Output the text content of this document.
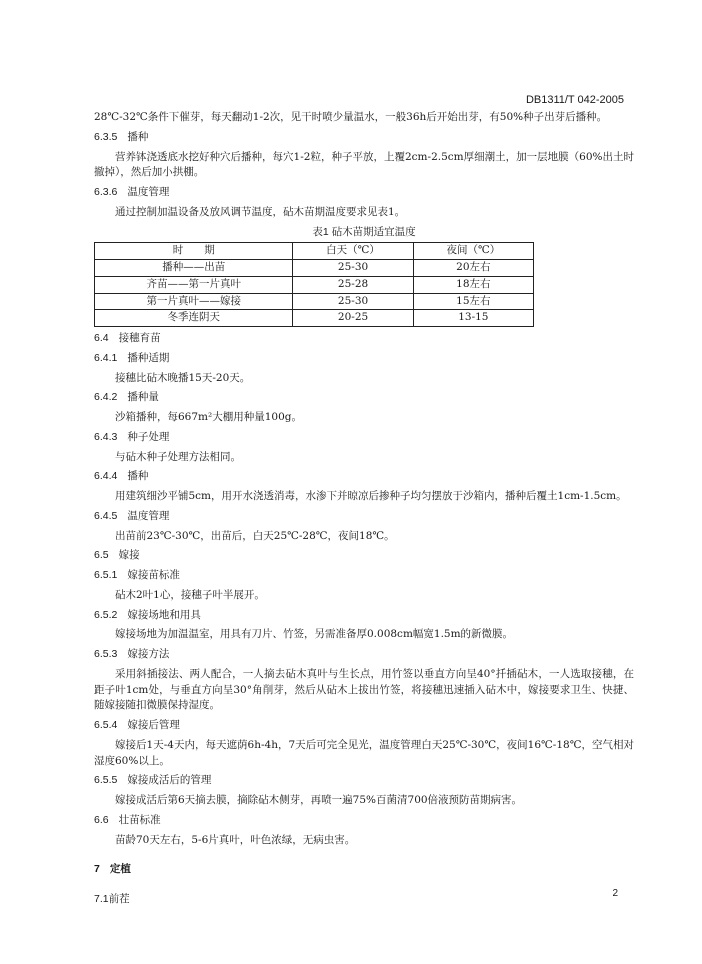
DB1311/T 042-2005

28℃-32℃条件下催芽，每天翻动1-2次，见干时喷少量温水，一般36h后开始出芽，有50%种子出芽后播种。

6.3.5 播种

营养钵浇透底水挖好种穴后播种，每穴1-2粒，种子平放，上覆2cm-2.5cm厚细潮土，加一层地膜（60%出土时撤掉），然后加小拱棚。

6.3.6 温度管理

通过控制加温设备及放风调节温度，砧木苗期温度要求见表1。

表1 砧木苗期适宜温度
时　　期	白天（℃）	夜间（℃）
播种——出苗	25-30	20左右
齐苗——第一片真叶	25-28	18左右
第一片真叶——嫁接	25-30	15左右
冬季连阴天	20-25	13-15
6.4 接穗育苗
6.4.1 播种适期

接穗比砧木晚播15天-20天。

6.4.2 播种量

沙箱播种，每667m²大棚用种量100g。

6.4.3 种子处理

与砧木种子处理方法相同。

6.4.4 播种

用建筑细沙平铺5cm，用开水浇透消毒，水渗下并晾凉后掺种子均匀摆放于沙箱内，播种后覆土1cm-1.5cm。

6.4.5 温度管理

出苗前23℃-30℃，出苗后，白天25℃-28℃，夜间18℃。

6.5 嫁接
6.5.1 嫁接苗标准

砧木2叶1心，接穗子叶半展开。

6.5.2 嫁接场地和用具

嫁接场地为加温温室，用具有刀片、竹签，另需准备厚0.008cm幅宽1.5m的新微膜。

6.5.3 嫁接方法

采用斜插接法、两人配合，一人摘去砧木真叶与生长点，用竹签以垂直方向呈40°扦插砧木，一人选取接穗，在距子叶1cm处，与垂直方向呈30°角削芽，然后从砧木上拔出竹签，将接穗迅速插入砧木中，嫁接要求卫生、快捷、随嫁接随扣微膜保持湿度。

6.5.4 嫁接后管理

嫁接后1天-4天内，每天遮荫6h-4h，7天后可完全见光，温度管理白天25℃-30℃，夜间16℃-18℃，空气相对湿度60%以上。

6.5.5 嫁接成活后的管理

嫁接成活后第6天摘去膜，摘除砧木侧芽，再喷一遍75%百菌清700倍液预防苗期病害。

6.6 壮苗标准

苗龄70天左右，5-6片真叶，叶色浓绿，无病虫害。

7 定植
7.1前茬	2
